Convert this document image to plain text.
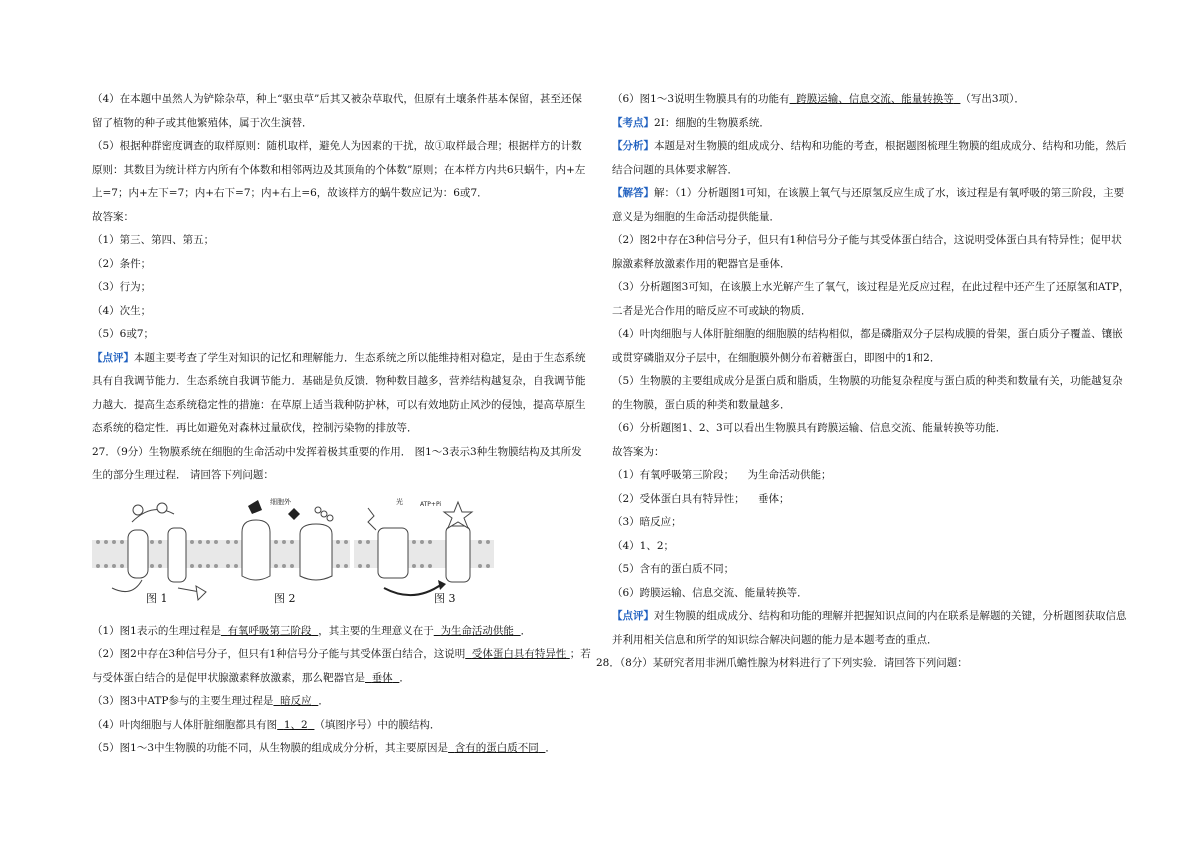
（4）在本题中虽然人为铲除杂草，种上“驱虫草”后其又被杂草取代，但原有土壤条件基本保留，甚至还保留了植物的种子或其他繁殖体，属于次生演替．

（5）根据种群密度调查的取样原则：随机取样，避免人为因素的干扰，故①取样最合理；根据样方的计数原则：其数目为统计样方内所有个体数和相邻两边及其顶角的个体数”原则；在本样方内共6只蜗牛，内+左上=7；内+左下=7；内+右下=7；内+右上=6，故该样方的蜗牛数应记为：6或7．

故答案：

（1）第三、第四、第五；

（2）条件；

（3）行为；

（4）次生；

（5）6或7；

【点评】本题主要考查了学生对知识的记忆和理解能力．生态系统之所以能维持相对稳定，是由于生态系统具有自我调节能力．生态系统自我调节能力．基础是负反馈．物种数目越多，营养结构越复杂，自我调节能力越大．提高生态系统稳定性的措施：在草原上适当栽种防护林，可以有效地防止风沙的侵蚀，提高草原生态系统的稳定性．再比如避免对森林过量砍伐，控制污染物的排放等．

27．（9分）生物膜系统在细胞的生命活动中发挥着极其重要的作用． 图1～3表示3种生物膜结构及其所发生的部分生理过程． 请回答下列问题：

图 1
细胞外
图 2
光	ATP+Pi
图 3

（1）图1表示的生理过程是 有氧呼吸第三阶段 ，其主要的生理意义在于 为生命活动供能 ．

（2）图2中存在3种信号分子，但只有1种信号分子能与其受体蛋白结合，这说明 受体蛋白具有特异性 ；若与受体蛋白结合的是促甲状腺激素释放激素，那么靶器官是 垂体 ．

（3）图3中ATP参与的主要生理过程是 暗反应 ．

（4）叶肉细胞与人体肝脏细胞都具有图 1、2 （填图序号）中的膜结构．

（5）图1～3中生物膜的功能不同，从生物膜的组成成分分析，其主要原因是 含有的蛋白质不同 ．

（6）图1～3说明生物膜具有的功能有 跨膜运输、信息交流、能量转换等 （写出3项）．

【考点】2I：细胞的生物膜系统．

【分析】本题是对生物膜的组成成分、结构和功能的考查，根据题图梳理生物膜的组成成分、结构和功能，然后结合问题的具体要求解答．

【解答】解：（1）分析题图1可知，在该膜上氧气与还原氢反应生成了水，该过程是有氧呼吸的第三阶段，主要意义是为细胞的生命活动提供能量．

（2）图2中存在3种信号分子，但只有1种信号分子能与其受体蛋白结合，这说明受体蛋白具有特异性；促甲状腺激素释放激素作用的靶器官是垂体．

（3）分析题图3可知，在该膜上水光解产生了氧气，该过程是光反应过程，在此过程中还产生了还原氢和ATP，二者是光合作用的暗反应不可或缺的物质．

（4）叶肉细胞与人体肝脏细胞的细胞膜的结构相似，都是磷脂双分子层构成膜的骨架，蛋白质分子覆盖、镶嵌或贯穿磷脂双分子层中，在细胞膜外侧分布着糖蛋白，即图中的1和2．

（5）生物膜的主要组成成分是蛋白质和脂质，生物膜的功能复杂程度与蛋白质的种类和数量有关，功能越复杂的生物膜，蛋白质的种类和数量越多．

（6）分析题图1、2、3可以看出生物膜具有跨膜运输、信息交流、能量转换等功能．

故答案为：

（1）有氧呼吸第三阶段；    为生命活动供能；

（2）受体蛋白具有特异性；    垂体；

（3）暗反应；

（4）1、2；

（5）含有的蛋白质不同；

（6）跨膜运输、信息交流、能量转换等．

【点评】对生物膜的组成成分、结构和功能的理解并把握知识点间的内在联系是解题的关键，分析题图获取信息并利用相关信息和所学的知识综合解决问题的能力是本题考查的重点．

28．（8分）某研究者用非洲爪蟾性腺为材料进行了下列实验．请回答下列问题：
